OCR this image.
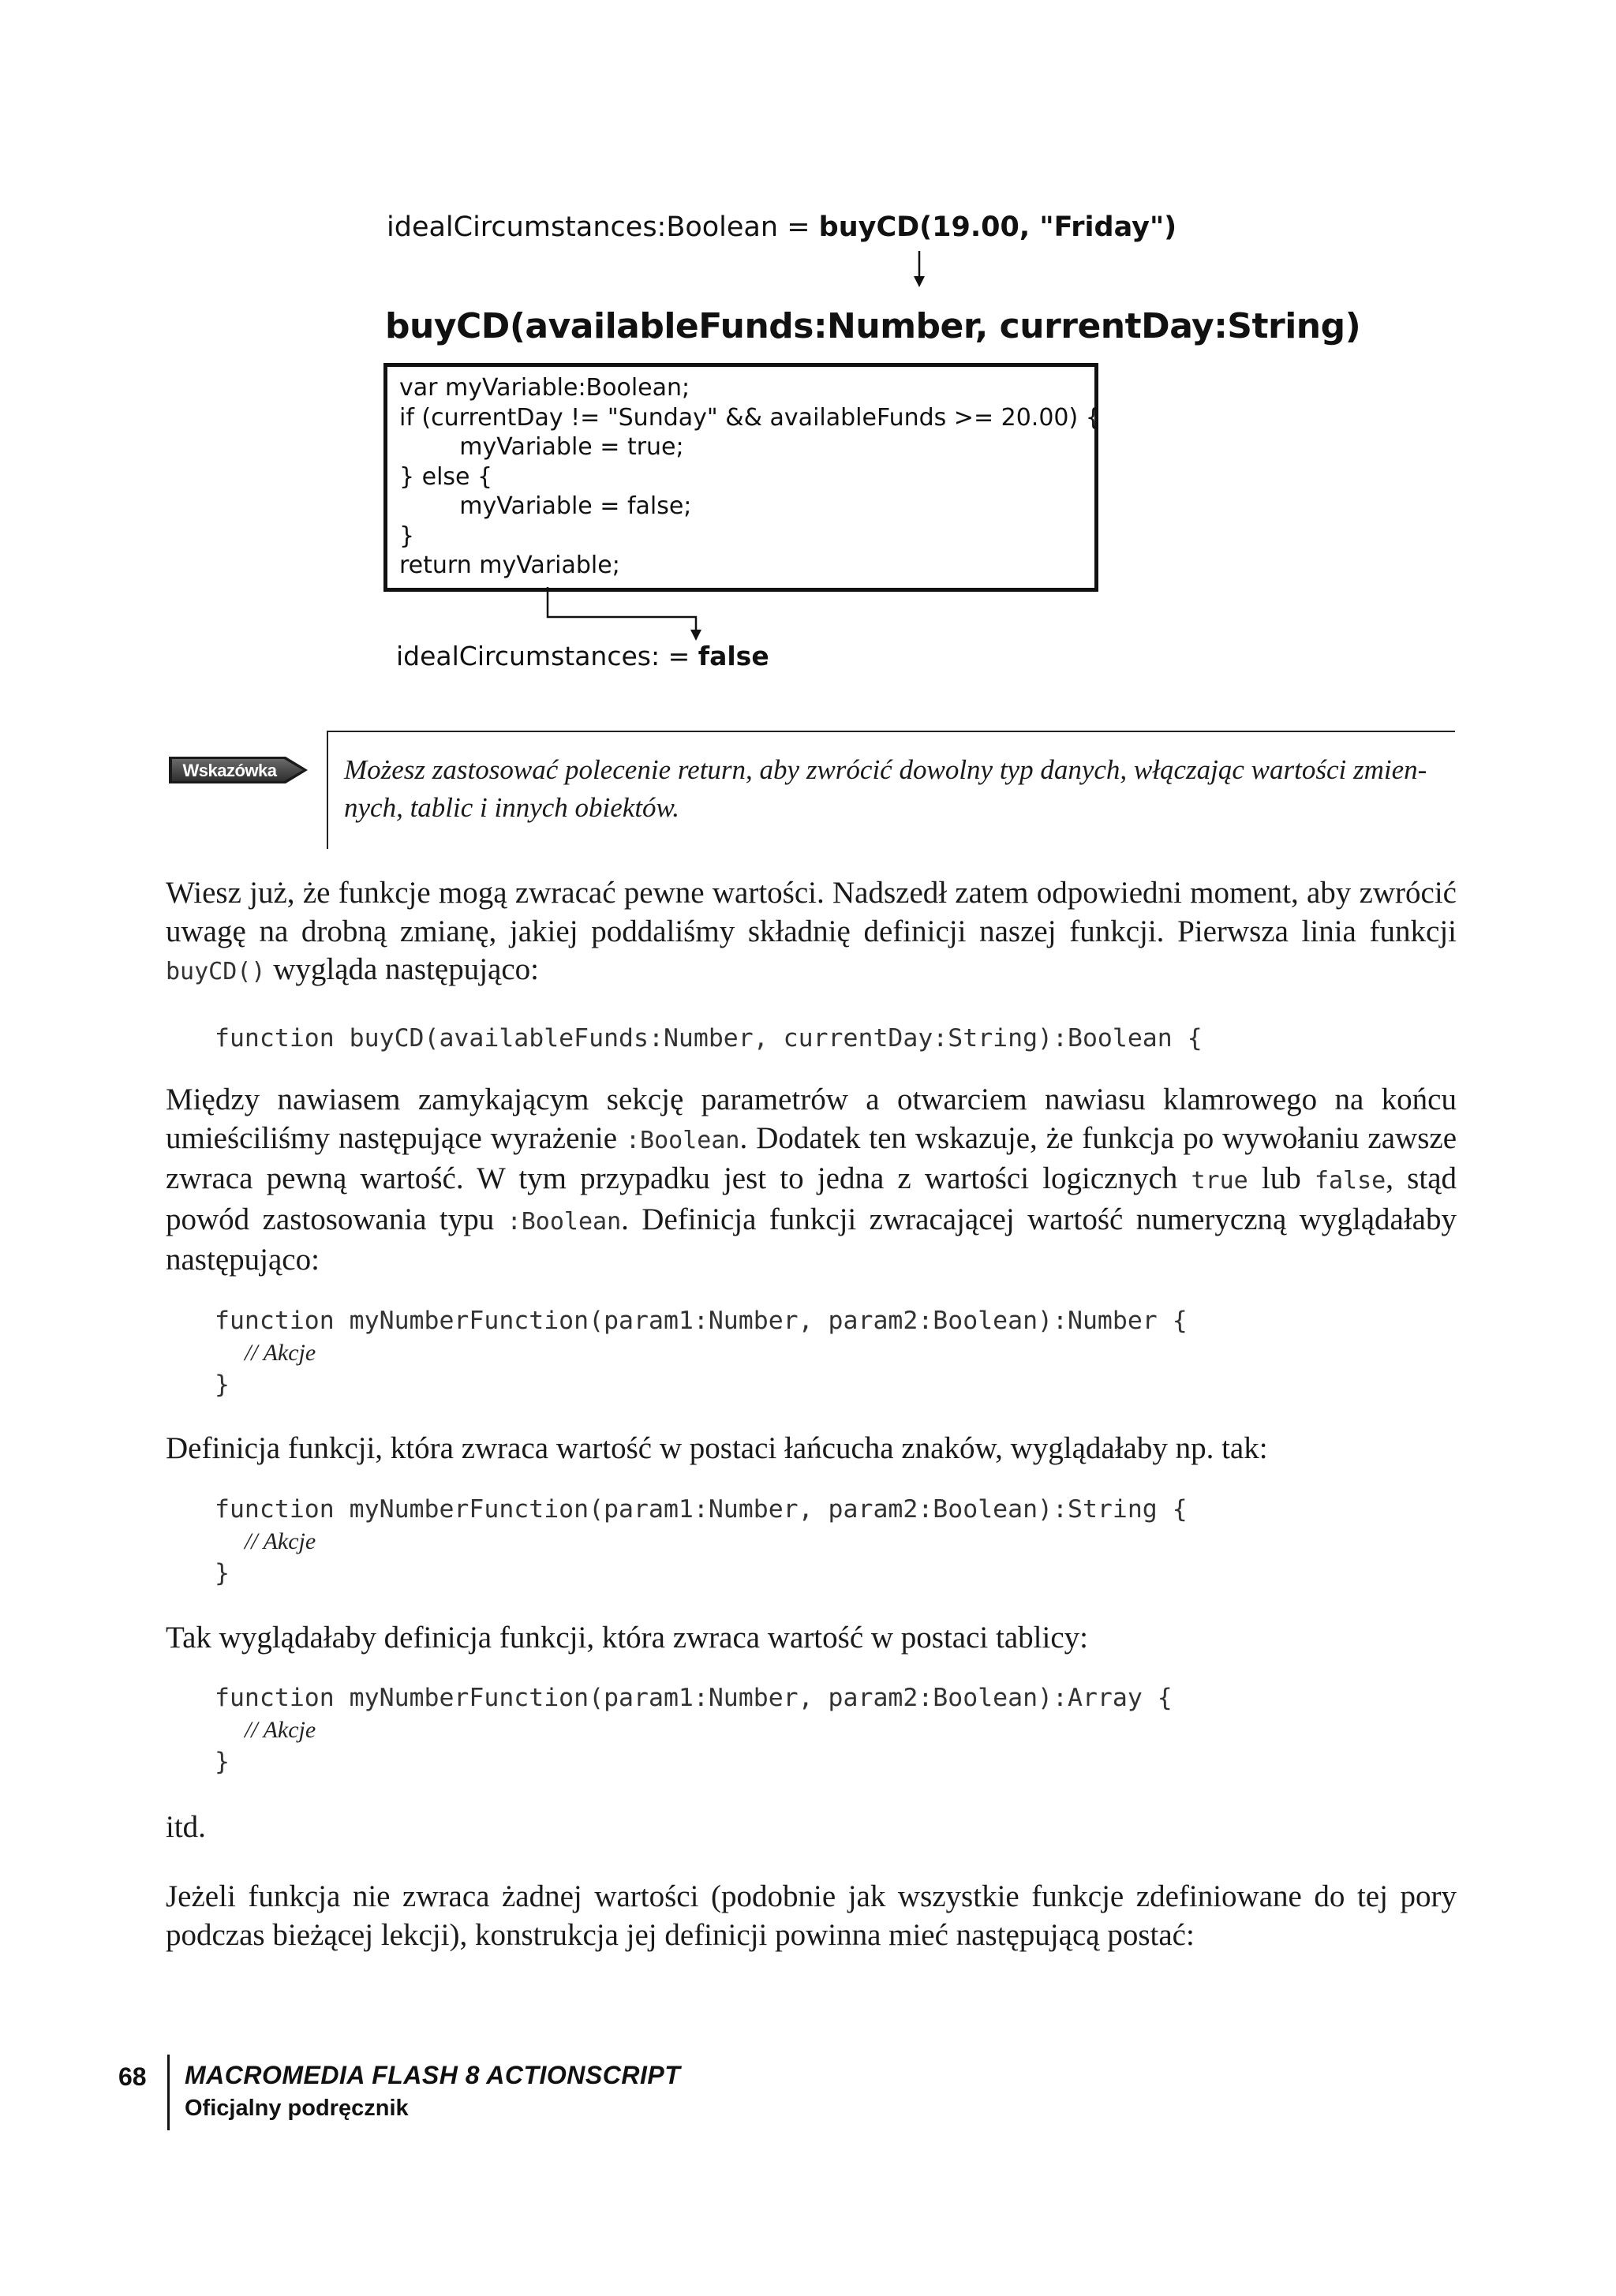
idealCircumstances:Boolean = buyCD(19.00, "Friday")
buyCD(availableFunds:Number, currentDay:String)
var myVariable:Boolean;
if (currentDay != "Sunday" && availableFunds >= 20.00) {
myVariable = true;
} else {
myVariable = false;
}
return myVariable;
idealCircumstances: = false
Wskazówka Możesz zastosować polecenie return, aby zwrócić dowolny typ danych, włączając wartości zmien-
nych, tablic i innych obiektów.
Wiesz już, że funkcje mogą zwracać pewne wartości. Nadszedł zatem odpowiedni moment, aby zwrócić uwagę na drobną zmianę, jakiej poddaliśmy składnię definicji naszej funkcji. Pierwsza linia funkcji buyCD() wygląda następująco:
function buyCD(availableFunds:Number, currentDay:String):Boolean {
Między nawiasem zamykającym sekcję parametrów a otwarciem nawiasu klamrowego na końcu umieściliśmy następujące wyrażenie :Boolean. Dodatek ten wskazuje, że funkcja po wywołaniu zawsze zwraca pewną wartość. W tym przypadku jest to jedna z wartości logicznych true lub false, stąd powód zastosowania typu :Boolean. Definicja funkcji zwracającej wartość numeryczną wyglądałaby następująco:
function myNumberFunction(param1:Number, param2:Boolean):Number {
// Akcje
}
Definicja funkcji, która zwraca wartość w postaci łańcucha znaków, wyglądałaby np. tak:
function myNumberFunction(param1:Number, param2:Boolean):String {
// Akcje
}
Tak wyglądałaby definicja funkcji, która zwraca wartość w postaci tablicy:
function myNumberFunction(param1:Number, param2:Boolean):Array {
// Akcje
}
itd.
Jeżeli funkcja nie zwraca żadnej wartości (podobnie jak wszystkie funkcje zdefiniowane do tej pory podczas bieżącej lekcji), konstrukcja jej definicji powinna mieć następującą postać:
68 MACROMEDIA FLASH 8 ACTIONSCRIPT
Oficjalny podręcznik
